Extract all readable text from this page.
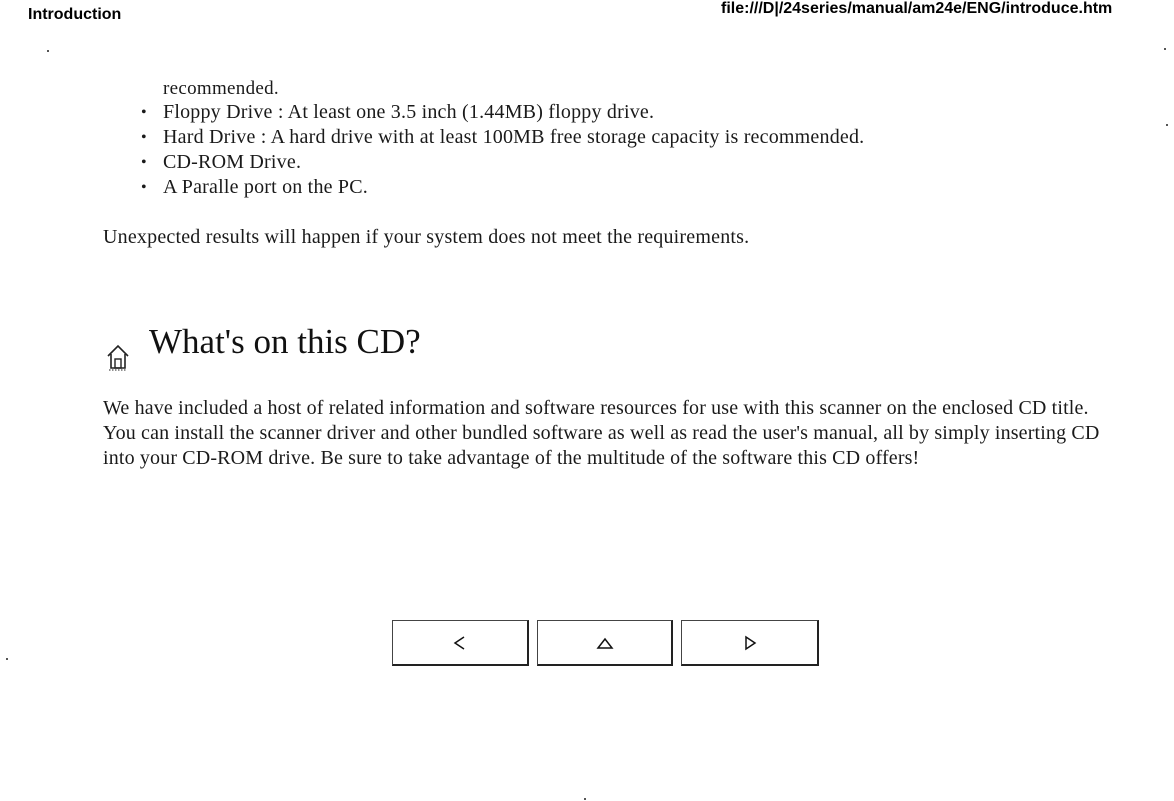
Introduction	file:///D|/24series/manual/am24e/ENG/introduce.htm
recommended.
• Floppy Drive : At least one 3.5 inch (1.44MB) floppy drive.
• Hard Drive : A hard drive with at least 100MB free storage capacity is recommended.
• CD-ROM Drive.
• A Paralle port on the PC.
Unexpected results will happen if your system does not meet the requirements.
What's on this CD?

We have included a host of related information and software resources for use with this scanner on the enclosed CD title. You can install the scanner driver and other bundled software as well as read the user's manual, all by simply inserting CD into your CD-ROM drive. Be sure to take advantage of the multitude of the software this CD offers!
